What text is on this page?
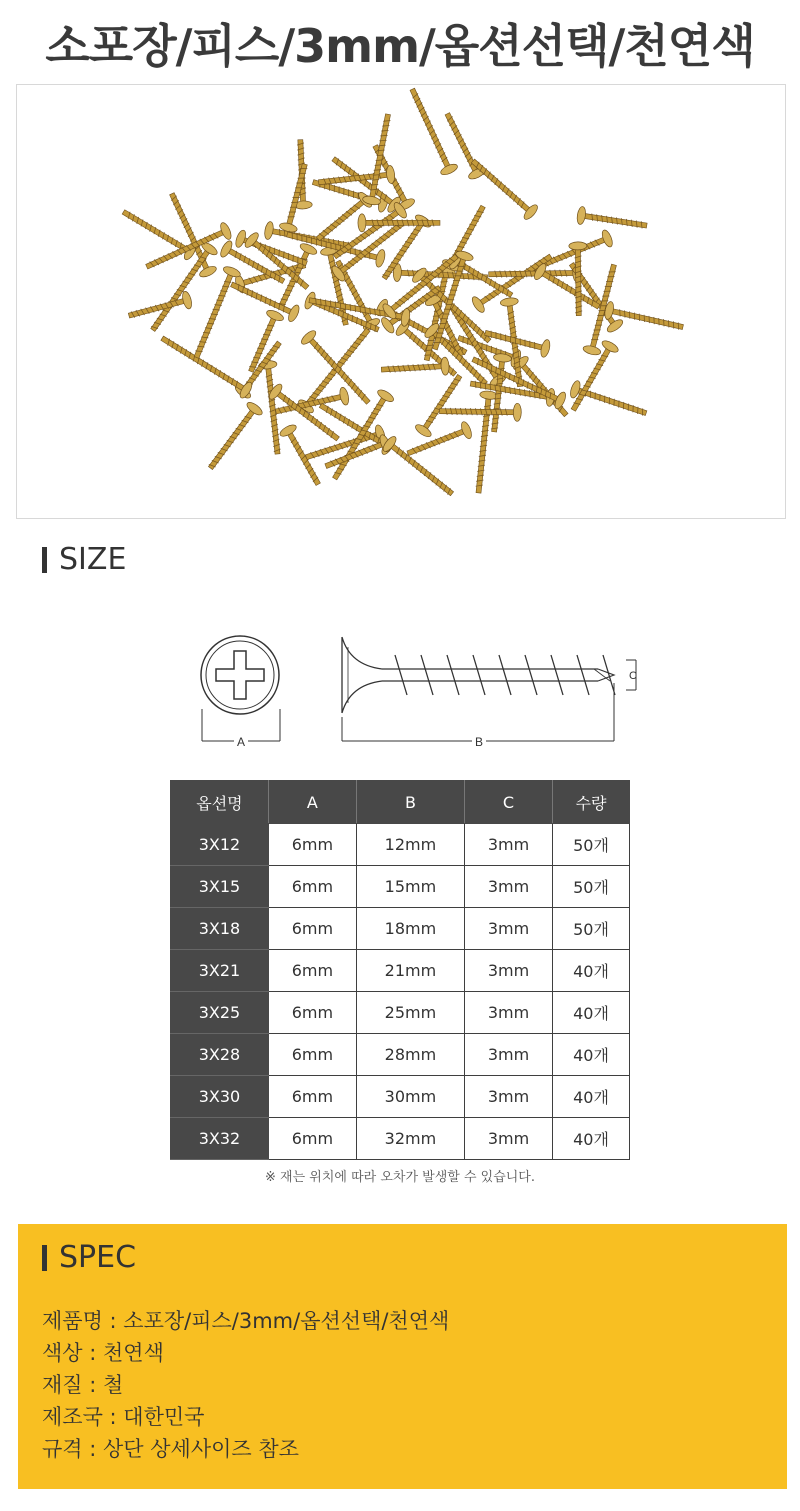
소포장/피스/3mm/옵션선택/천연색
SIZE
A	B
C
옵션명	A	B	C	수량
3X12	6mm	12mm	3mm	50개
3X15	6mm	15mm	3mm	50개
3X18	6mm	18mm	3mm	50개
3X21	6mm	21mm	3mm	40개
3X25	6mm	25mm	3mm	40개
3X28	6mm	28mm	3mm	40개
3X30	6mm	30mm	3mm	40개
3X32	6mm	32mm	3mm	40개
※ 재는 위치에 따라 오차가 발생할 수 있습니다.
SPEC
제품명 : 소포장/피스/3mm/옵션선택/천연색
색상 : 천연색
재질 : 철
제조국 : 대한민국
규격 : 상단 상세사이즈 참조
